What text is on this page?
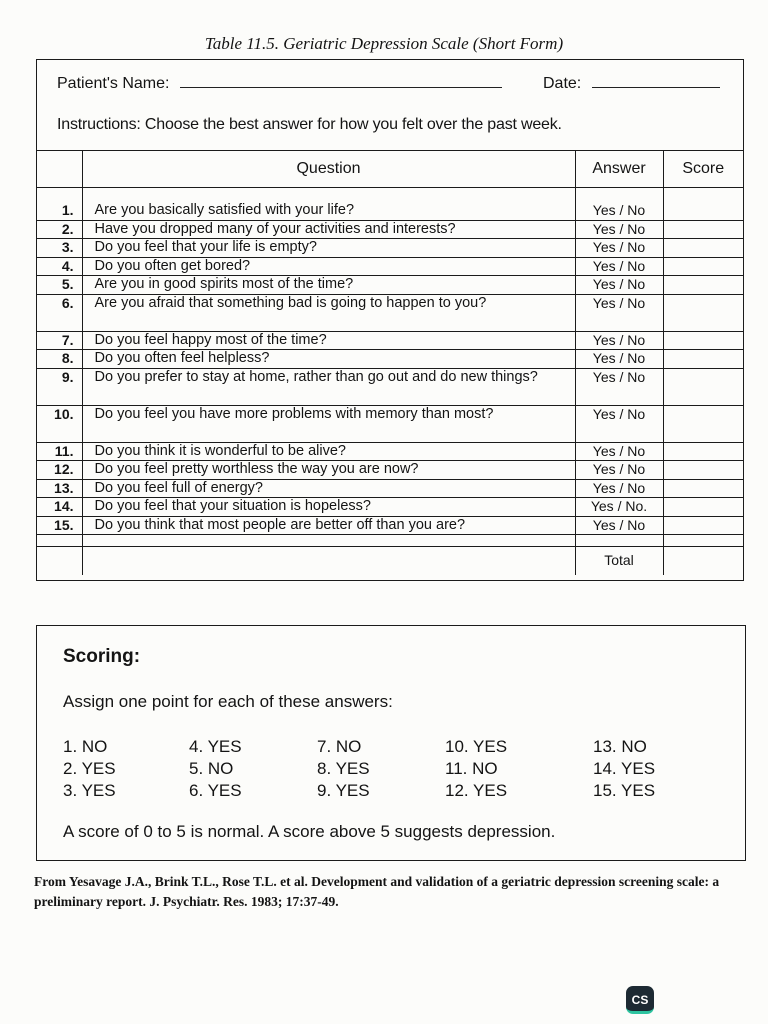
Table 11.5. Geriatric Depression Scale (Short Form)
Patient's Name:	Date:
Instructions: Choose the best answer for how you felt over the past week.
	Question	Answer	Score
1.	Are you basically satisfied with your life?	Yes / No	
2.	Have you dropped many of your activities and interests?	Yes / No	
3.	Do you feel that your life is empty?	Yes / No	
4.	Do you often get bored?	Yes / No	
5.	Are you in good spirits most of the time?	Yes / No	
6.	Are you afraid that something bad is going to happen to you?	Yes / No	
7.	Do you feel happy most of the time?	Yes / No	
8.	Do you often feel helpless?	Yes / No	
9.	Do you prefer to stay at home, rather than go out and do new things?	Yes / No	
10.	Do you feel you have more problems with memory than most?	Yes / No	
11.	Do you think it is wonderful to be alive?	Yes / No	
12.	Do you feel pretty worthless the way you are now?	Yes / No	
13.	Do you feel full of energy?	Yes / No	
14.	Do you feel that your situation is hopeless?	Yes / No.	
15.	Do you think that most people are better off than you are?	Yes / No	

		Total	
Scoring:
Assign one point for each of these answers:
1. NO
2. YES
3. YES
4. YES
5. NO
6. YES
7. NO
8. YES
9. YES
10. YES
11. NO
12. YES
13. NO
14. YES
15. YES
A score of 0 to 5 is normal. A score above 5 suggests depression.
From Yesavage J.A., Brink T.L., Rose T.L. et al. Development and validation of a geriatric depression screening scale: a preliminary report. J. Psychiatr. Res. 1983; 17:37-49.
CS
